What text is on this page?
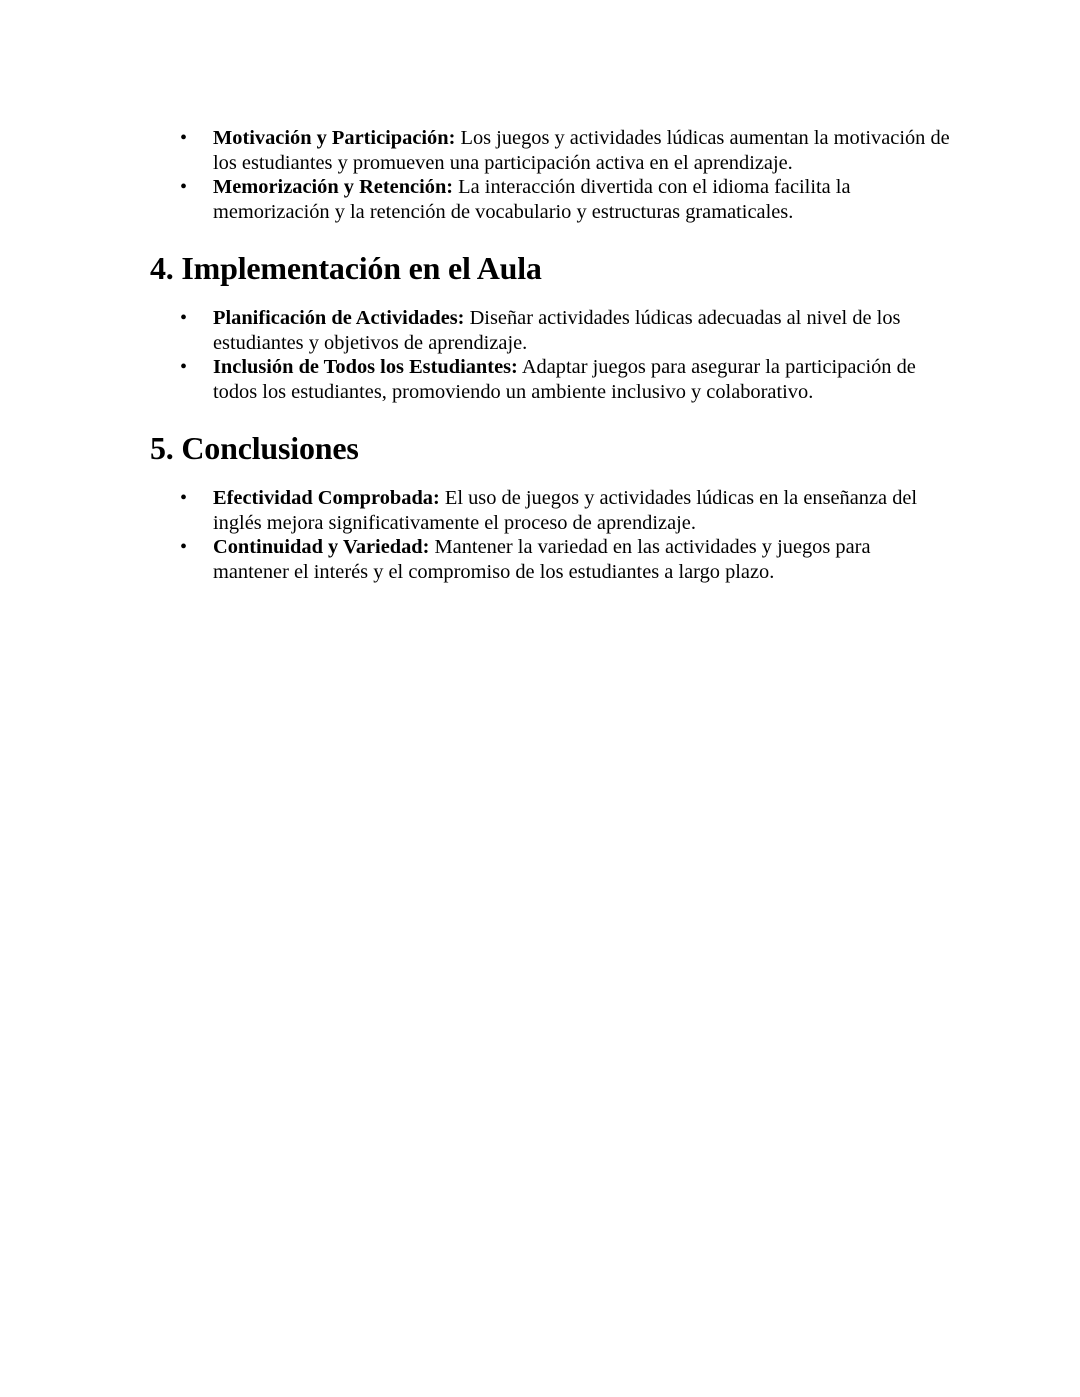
• Motivación y Participación: Los juegos y actividades lúdicas aumentan la motivación de los estudiantes y promueven una participación activa en el aprendizaje.
• Memorización y Retención: La interacción divertida con el idioma facilita la memorización y la retención de vocabulario y estructuras gramaticales.
4. Implementación en el Aula
• Planificación de Actividades: Diseñar actividades lúdicas adecuadas al nivel de los estudiantes y objetivos de aprendizaje.
• Inclusión de Todos los Estudiantes: Adaptar juegos para asegurar la participación de todos los estudiantes, promoviendo un ambiente inclusivo y colaborativo.
5. Conclusiones
• Efectividad Comprobada: El uso de juegos y actividades lúdicas en la enseñanza del inglés mejora significativamente el proceso de aprendizaje.
• Continuidad y Variedad: Mantener la variedad en las actividades y juegos para mantener el interés y el compromiso de los estudiantes a largo plazo.
